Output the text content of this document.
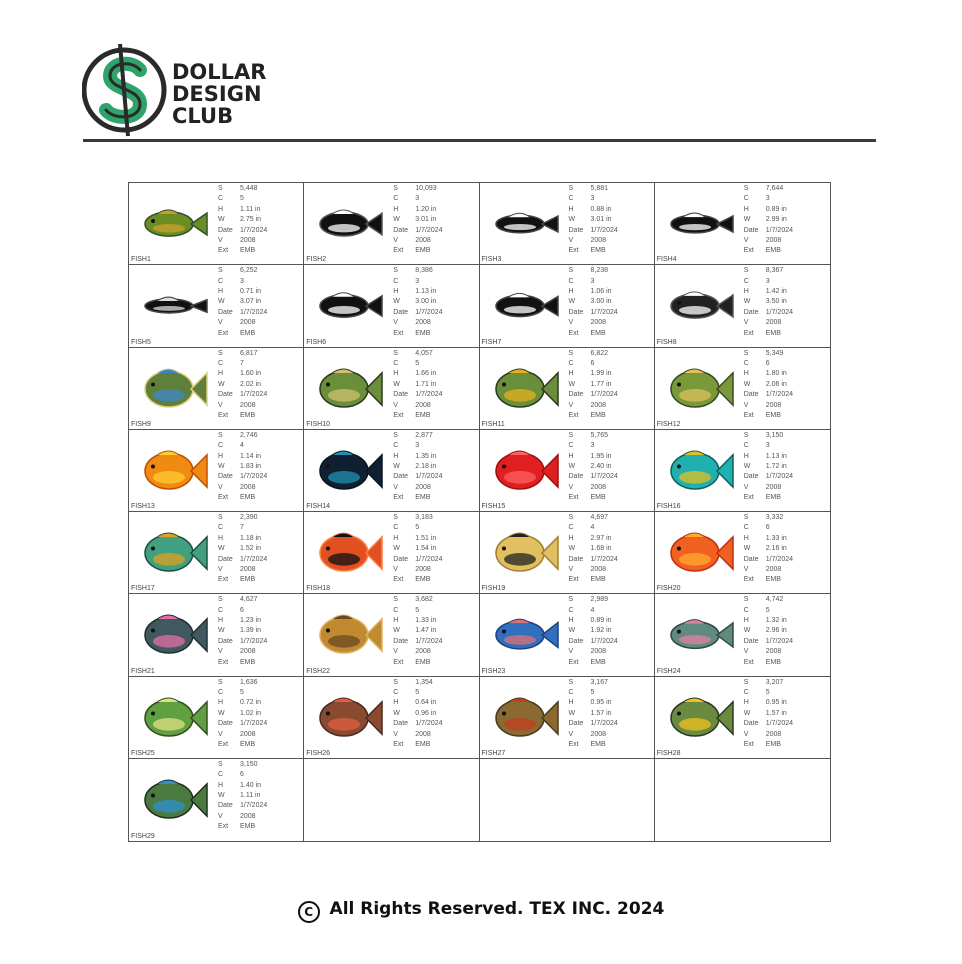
DOLLAR
DESIGN
CLUB
S 5,448
C 5
H 1.11 in
W 2.75 in
Date 1/7/2024
V 2008
Ext EMB
FISH1
S 10,093
C 3
H 1.20 in
W 3.01 in
Date 1/7/2024
V 2008
Ext EMB
FISH2
S 5,881
C 3
H 0.88 in
W 3.01 in
Date 1/7/2024
V 2008
Ext EMB
FISH3
S 7,644
C 3
H 0.89 in
W 2.99 in
Date 1/7/2024
V 2008
Ext EMB
FISH4
S 6,252
C 3
H 0.71 in
W 3.07 in
Date 1/7/2024
V 2008
Ext EMB
FISH5
S 8,386
C 3
H 1.13 in
W 3.00 in
Date 1/7/2024
V 2008
Ext EMB
FISH6
S 8,238
C 3
H 1.06 in
W 3.00 in
Date 1/7/2024
V 2008
Ext EMB
FISH7
S 8,367
C 3
H 1.42 in
W 3.50 in
Date 1/7/2024
V 2008
Ext EMB
FISH8
S 6,817
C 7
H 1.60 in
W 2.02 in
Date 1/7/2024
V 2008
Ext EMB
FISH9
S 4,057
C 5
H 1.66 in
W 1.71 in
Date 1/7/2024
V 2008
Ext EMB
FISH10
S 6,822
C 6
H 1.99 in
W 1.77 in
Date 1/7/2024
V 2008
Ext EMB
FISH11
S 5,349
C 6
H 1.80 in
W 2.06 in
Date 1/7/2024
V 2008
Ext EMB
FISH12
S 2,746
C 4
H 1.14 in
W 1.83 in
Date 1/7/2024
V 2008
Ext EMB
FISH13
S 2,877
C 3
H 1.35 in
W 2.18 in
Date 1/7/2024
V 2008
Ext EMB
FISH14
S 5,765
C 3
H 1.95 in
W 2.40 in
Date 1/7/2024
V 2008
Ext EMB
FISH15
S 3,150
C 3
H 1.13 in
W 1.72 in
Date 1/7/2024
V 2008
Ext EMB
FISH16
S 2,390
C 7
H 1.18 in
W 1.52 in
Date 1/7/2024
V 2008
Ext EMB
FISH17
S 3,183
C 5
H 1.51 in
W 1.54 in
Date 1/7/2024
V 2008
Ext EMB
FISH18
S 4,697
C 4
H 2.97 in
W 1.68 in
Date 1/7/2024
V 2008
Ext EMB
FISH19
S 3,332
C 6
H 1.33 in
W 2.16 in
Date 1/7/2024
V 2008
Ext EMB
FISH20
S 4,627
C 6
H 1.23 in
W 1.39 in
Date 1/7/2024
V 2008
Ext EMB
FISH21
S 3,682
C 5
H 1.33 in
W 1.47 in
Date 1/7/2024
V 2008
Ext EMB
FISH22
S 2,989
C 4
H 0.89 in
W 1.92 in
Date 1/7/2024
V 2008
Ext EMB
FISH23
S 4,742
C 5
H 1.32 in
W 2.96 in
Date 1/7/2024
V 2008
Ext EMB
FISH24
S 1,636
C 5
H 0.72 in
W 1.02 in
Date 1/7/2024
V 2008
Ext EMB
FISH25
S 1,354
C 5
H 0.64 in
W 0.96 in
Date 1/7/2024
V 2008
Ext EMB
FISH26
S 3,167
C 5
H 0.95 in
W 1.57 in
Date 1/7/2024
V 2008
Ext EMB
FISH27
S 3,207
C 5
H 0.95 in
W 1.57 in
Date 1/7/2024
V 2008
Ext EMB
FISH28
S 3,150
C 6
H 1.40 in
W 1.11 in
Date 1/7/2024
V 2008
Ext EMB
FISH29
C All Rights Reserved. TEX INC. 2024
